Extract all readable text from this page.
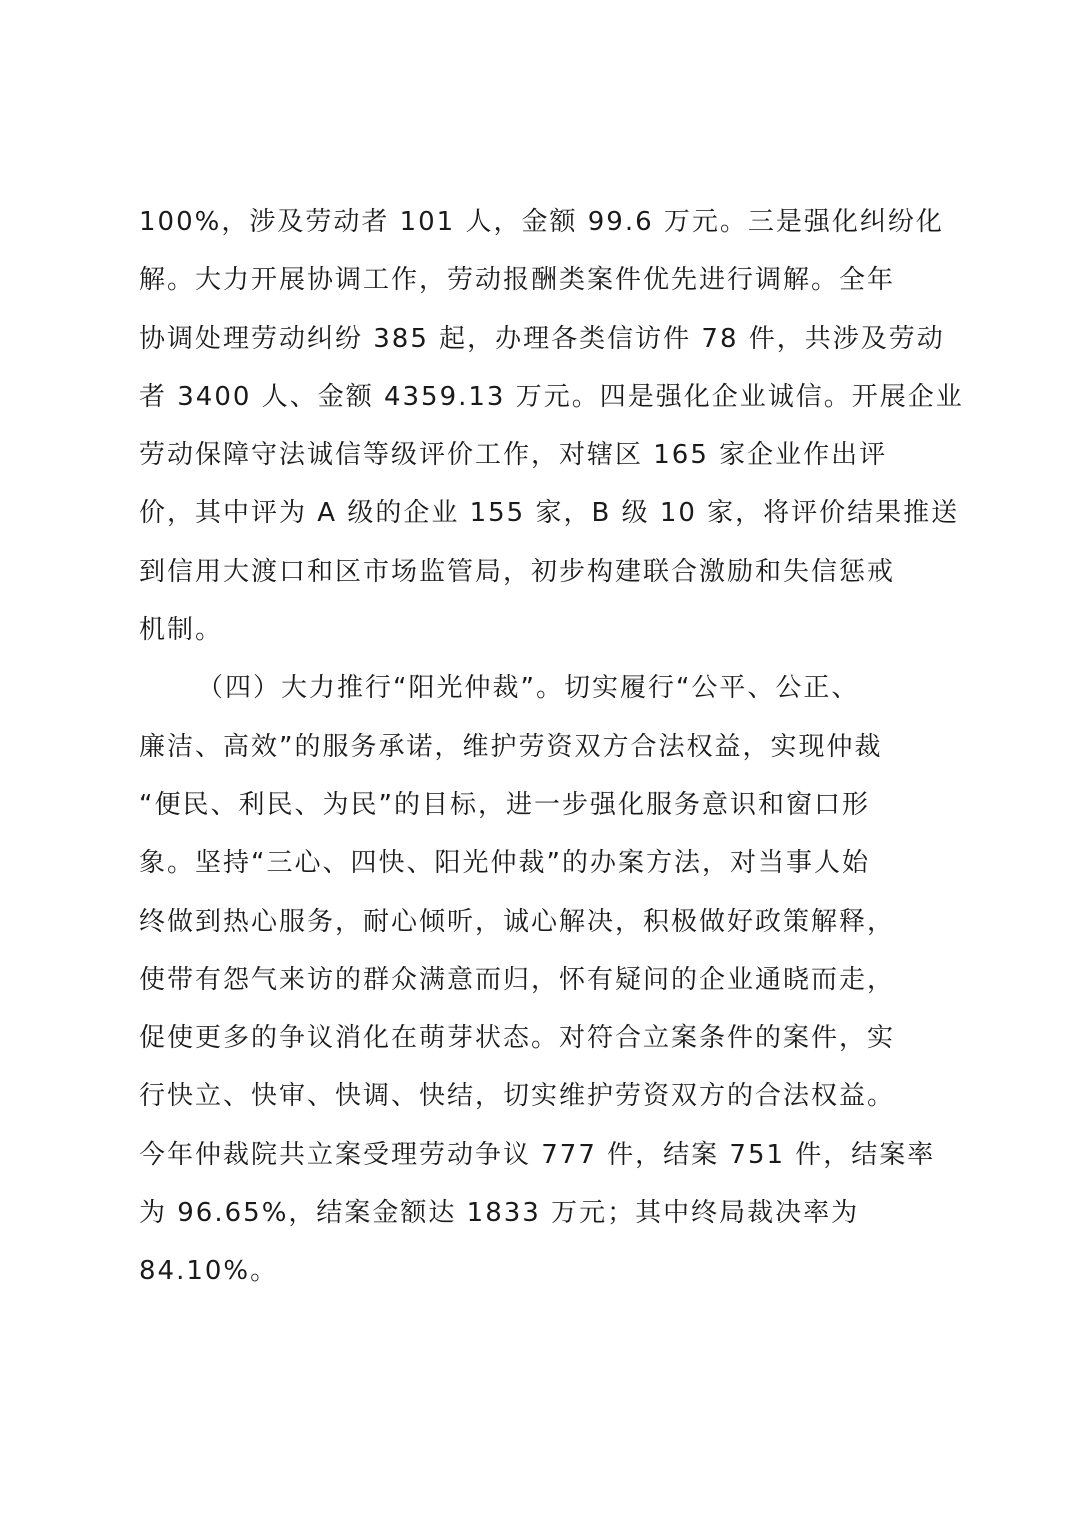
100%，涉及劳动者 101 人，金额 99.6 万元。三是强化纠纷化
解。大力开展协调工作，劳动报酬类案件优先进行调解。全年
协调处理劳动纠纷 385 起，办理各类信访件 78 件，共涉及劳动
者 3400 人、金额 4359.13 万元。四是强化企业诚信。开展企业
劳动保障守法诚信等级评价工作，对辖区 165 家企业作出评
价，其中评为 A 级的企业 155 家，B 级 10 家，将评价结果推送
到信用大渡口和区市场监管局，初步构建联合激励和失信惩戒
机制。
（四）大力推行“阳光仲裁”。切实履行“公平、公正、
廉洁、高效”的服务承诺，维护劳资双方合法权益，实现仲裁
“便民、利民、为民”的目标，进一步强化服务意识和窗口形
象。坚持“三心、四快、阳光仲裁”的办案方法，对当事人始
终做到热心服务，耐心倾听，诚心解决，积极做好政策解释，
使带有怨气来访的群众满意而归，怀有疑问的企业通晓而走，
促使更多的争议消化在萌芽状态。对符合立案条件的案件，实
行快立、快审、快调、快结，切实维护劳资双方的合法权益。
今年仲裁院共立案受理劳动争议 777 件，结案 751 件，结案率
为 96.65%，结案金额达 1833 万元；其中终局裁决率为
84.10%。
